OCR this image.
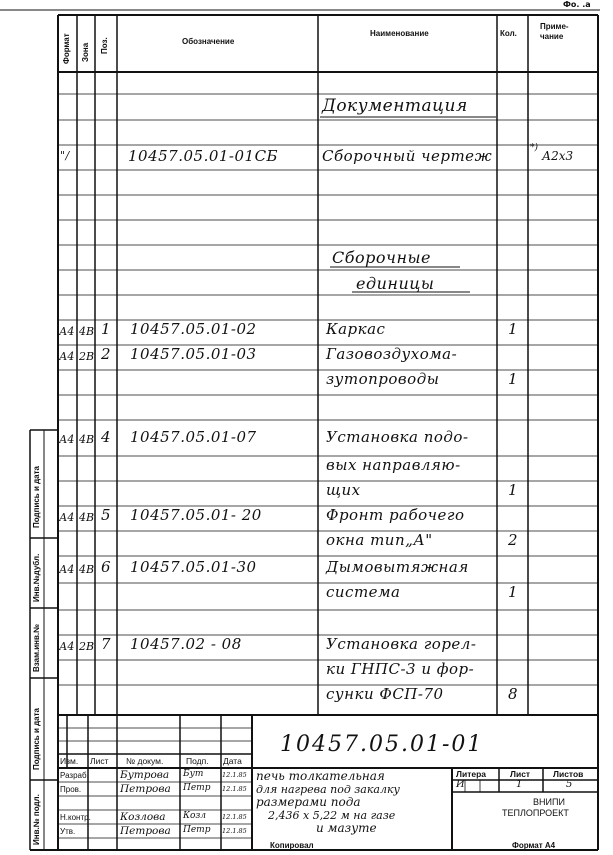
Фо. .а
Формат Зона Поз.	Обозначение
Наименование	Кол.
Приме-
чание
Документация
"/	10457.05.01-01СБ	Сборочный чертеж	*)
А2х3
Сборочные
единицы
А4 4В 1 10457.05.01-02	Каркас	1
А4 2В 2 10457.05.01-03	Газовоздухома-
зутопроводы	1
А4 4В 4 10457.05.01-07	Установка подо-
вых направляю-
щих	1
А4 4В 5 10457.05.01- 20	Фронт рабочего
окна тип„А"	2
А4 4В 6 10457.05.01-30	Дымовытяжная
система	1
А4 2В 7 10457.02 - 08	Установка горел-
ки ГНПС-3 и фор-
сунки ФСП-70	8
Подпись и дата
Инв.№дубл.
Взам.инв.№
Подпись и дата
Инв.№ подл.
Изм. Лист № докум.	Подп. Дата
10457.05.01-01
печь толкательная
для нагрева под закалку
размерами пода
2,436 х 5,22 м на газе
и мазуте
Разраб.	Бутрова Бут	12.1.85
Пров.	Петрова Петр 12.1.85
Н.контр.	Козлова Козл 12.1.85
Утв.	Петрова Петр 12.1.85
Литера	Лист	Листов
И	1	5
ВНИПИ
ТЕПЛОПРОЕКТ
Копировал	Формат А4
